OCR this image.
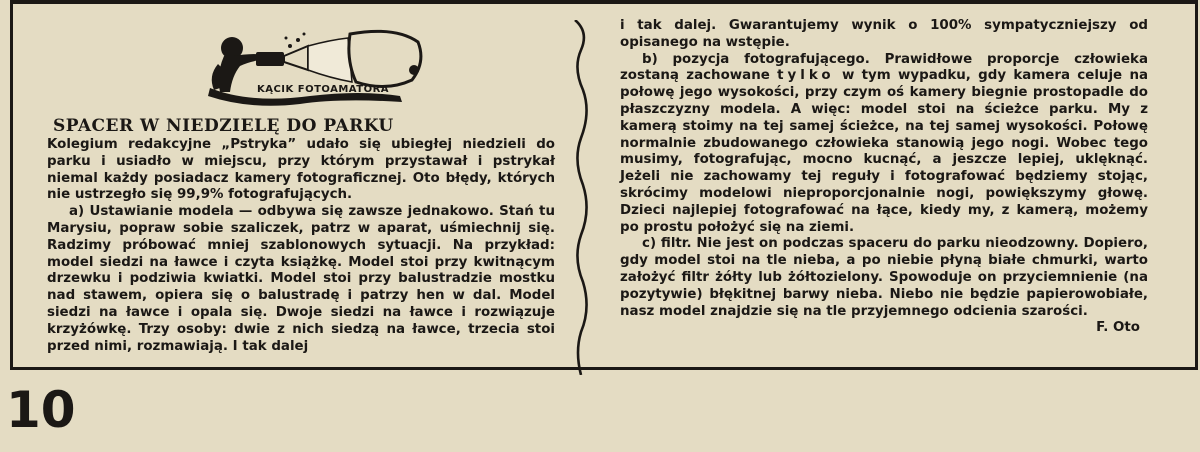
KĄCIK FOTOAMATORA
SPACER W NIEDZIELĘ DO PARKU

Kolegium redakcyjne „Pstryka” udało się ubiegłej niedzieli do parku i usiadło w miejscu, przy którym przystawał i pstrykał niemal każdy posiadacz kamery fotograficznej. Oto błędy, których nie ustrzegło się 99,9% fotografujących.

a) Ustawianie modela — odbywa się zawsze jednakowo. Stań tu Marysiu, popraw sobie szaliczek, patrz w aparat, uśmiechnij się. Radzimy próbować mniej szablonowych sytuacji. Na przykład: model siedzi na ławce i czyta książkę. Model stoi przy kwitnącym drzewku i podziwia kwiatki. Model stoi przy balustradzie mostku nad stawem, opiera się o balustradę i patrzy hen w dal. Model siedzi na ławce i opala się. Dwoje siedzi na ławce i rozwiązuje krzyżówkę. Trzy osoby: dwie z nich siedzą na ławce, trzecia stoi przed nimi, rozmawiają. I tak dalej

i tak dalej. Gwarantujemy wynik o 100% sympatyczniejszy od opisanego na wstępie.

b) pozycja fotografującego. Prawidłowe proporcje człowieka zostaną zachowane tylko w tym wypadku, gdy kamera celuje na połowę jego wysokości, przy czym oś kamery biegnie prostopadle do płaszczyzny modela. A więc: model stoi na ścieżce parku. My z kamerą stoimy na tej samej ścieżce, na tej samej wysokości. Połowę normalnie zbudowanego człowieka stanowią jego nogi. Wobec tego musimy, fotografując, mocno kucnąć, a jeszcze lepiej, uklęknąć. Jeżeli nie zachowamy tej reguły i fotografować będziemy stojąc, skrócimy modelowi nieproporcjonalnie nogi, powiększymy głowę. Dzieci najlepiej fotografować na łące, kiedy my, z kamerą, możemy po prostu położyć się na ziemi.

c) filtr. Nie jest on podczas spaceru do parku nieodzowny. Dopiero, gdy model stoi na tle nieba, a po niebie płyną białe chmurki, warto założyć filtr żółty lub żółtozielony. Spowoduje on przyciemnienie (na pozytywie) błękitnej barwy nieba. Niebo nie będzie papierowobiałe, nasz model znajdzie się na tle przyjemnego odcienia szarości.

F. Oto
10
